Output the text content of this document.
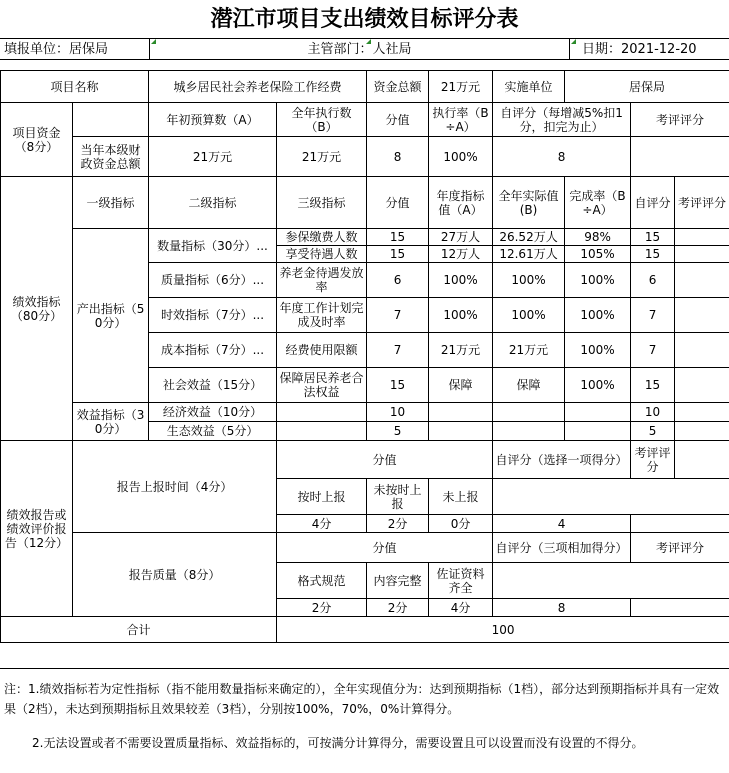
潜江市项目支出绩效目标评分表
填报单位：居保局	主管部门：人社局	日期：2021-12-20
项目名称		城乡居民社会养老保险工作经费		资金总额	21万元	实施单位	居保局		
项目资金（8分）		年初预算数（A）	全年执行数（B）	分值	执行率（B÷A）	自评分（每增减5%扣1分，扣完为止）		考评评分	
	当年本级财政资金总额	21万元	21万元	8	100%	8			
绩效指标（80分）	一级指标	二级指标	三级指标	分值	年度指标值（A）	全年实际值(B)	完成率（B÷A）	自评分	考评评分
	产出指标（50分）	数量指标（30分）...	参保缴费人数	15	27万人	26.52万人	98%	15	
			享受待遇人数	15	12万人	12.61万人	105%	15	
		质量指标（6分）...	养老金待遇发放率	6	100%	100%	100%	6	
		时效指标（7分）...	年度工作计划完成及时率	7	100%	100%	100%	7	
		成本指标（7分）...	经费使用限额	7	21万元	21万元	100%	7	
		社会效益（15分）	保障居民养老合法权益	15	保障	保障	100%	15	
	效益指标（30分）	经济效益（10分）		10				10	
		生态效益（5分）		5				5	
绩效报告或绩效评价报告（12分）	报告上报时间（4分）		分值			自评分（选择一项得分）		考评评分	
			按时上报	未按时上报	未上报				
			4分	2分	0分	4			
	报告质量（8分）		分值			自评分（三项相加得分）		考评评分	
			格式规范	内容完整	佐证资料齐全				
			2分	2分	4分	8			
合计			100						

注：1.绩效指标若为定性指标（指不能用数量指标来确定的），全年实现值分为：达到预期指标（1档），部分达到预期指标并具有一定效果（2档），未达到预期指标且效果较差（3档），分别按100%，70%，0%计算得分。

2.无法设置或者不需要设置质量指标、效益指标的，可按满分计算得分，需要设置且可以设置而没有设置的不得分。
